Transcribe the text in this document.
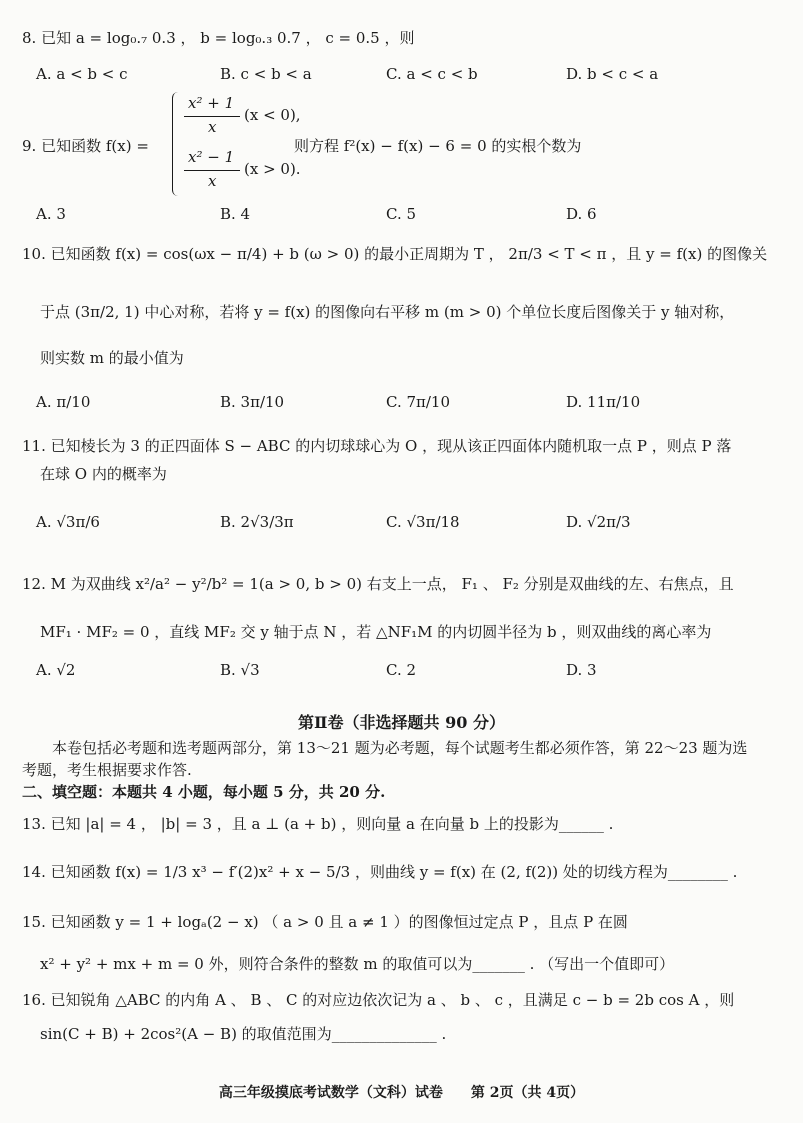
8. 已知 a = log₀.₇ 0.3 ， b = log₀.₃ 0.7 ， c = 0.5 ，则
A. a < b < c	B. c < b < a	C. a < c < b	D. b < c < a
9. 已知函数 f(x) =
x² + 1
x
(x < 0),
x² − 1
x
(x > 0).
则方程 f²(x) − f(x) − 6 = 0 的实根个数为
A. 3	B. 4	C. 5	D. 6
10. 已知函数 f(x) = cos(ωx − π/4) + b (ω > 0) 的最小正周期为 T ， 2π/3 < T < π ，且 y = f(x) 的图像关
于点 (3π/2, 1) 中心对称，若将 y = f(x) 的图像向右平移 m (m > 0) 个单位长度后图像关于 y 轴对称，
则实数 m 的最小值为
A. π/10	B. 3π/10	C. 7π/10	D. 11π/10
11. 已知棱长为 3 的正四面体 S − ABC 的内切球球心为 O ，现从该正四面体内随机取一点 P ，则点 P 落
在球 O 内的概率为
A. √3π/6	B. 2√3/3π	C. √3π/18	D. √2π/3
12. M 为双曲线 x²/a² − y²/b² = 1(a > 0, b > 0) 右支上一点， F₁ 、 F₂ 分别是双曲线的左、右焦点，且
MF₁ · MF₂ = 0 ，直线 MF₂ 交 y 轴于点 N ，若 △NF₁M 的内切圆半径为 b ，则双曲线的离心率为
A. √2	B. √3	C. 2	D. 3
第Ⅱ卷（非选择题共 90 分）
本卷包括必考题和选考题两部分，第 13～21 题为必考题，每个试题考生都必须作答，第 22～23 题为选
考题，考生根据要求作答.
二、填空题：本题共 4 小题，每小题 5 分，共 20 分.
13. 已知 |a| = 4 ， |b| = 3 ，且 a ⊥ (a + b) ，则向量 a 在向量 b 上的投影为______ .
14. 已知函数 f(x) = 1/3 x³ − f′(2)x² + x − 5/3 ，则曲线 y = f(x) 在 (2, f(2)) 处的切线方程为________ .
15. 已知函数 y = 1 + logₐ(2 − x) （ a > 0 且 a ≠ 1 ）的图像恒过定点 P ，且点 P 在圆
x² + y² + mx + m = 0 外，则符合条件的整数 m 的取值可以为_______ . （写出一个值即可）
16. 已知锐角 △ABC 的内角 A 、 B 、 C 的对应边依次记为 a 、 b 、 c ，且满足 c − b = 2b cos A ，则
sin(C + B) + 2cos²(A − B) 的取值范围为______________ .
高三年级摸底考试数学（文科）试卷　　第 2页（共 4页）
